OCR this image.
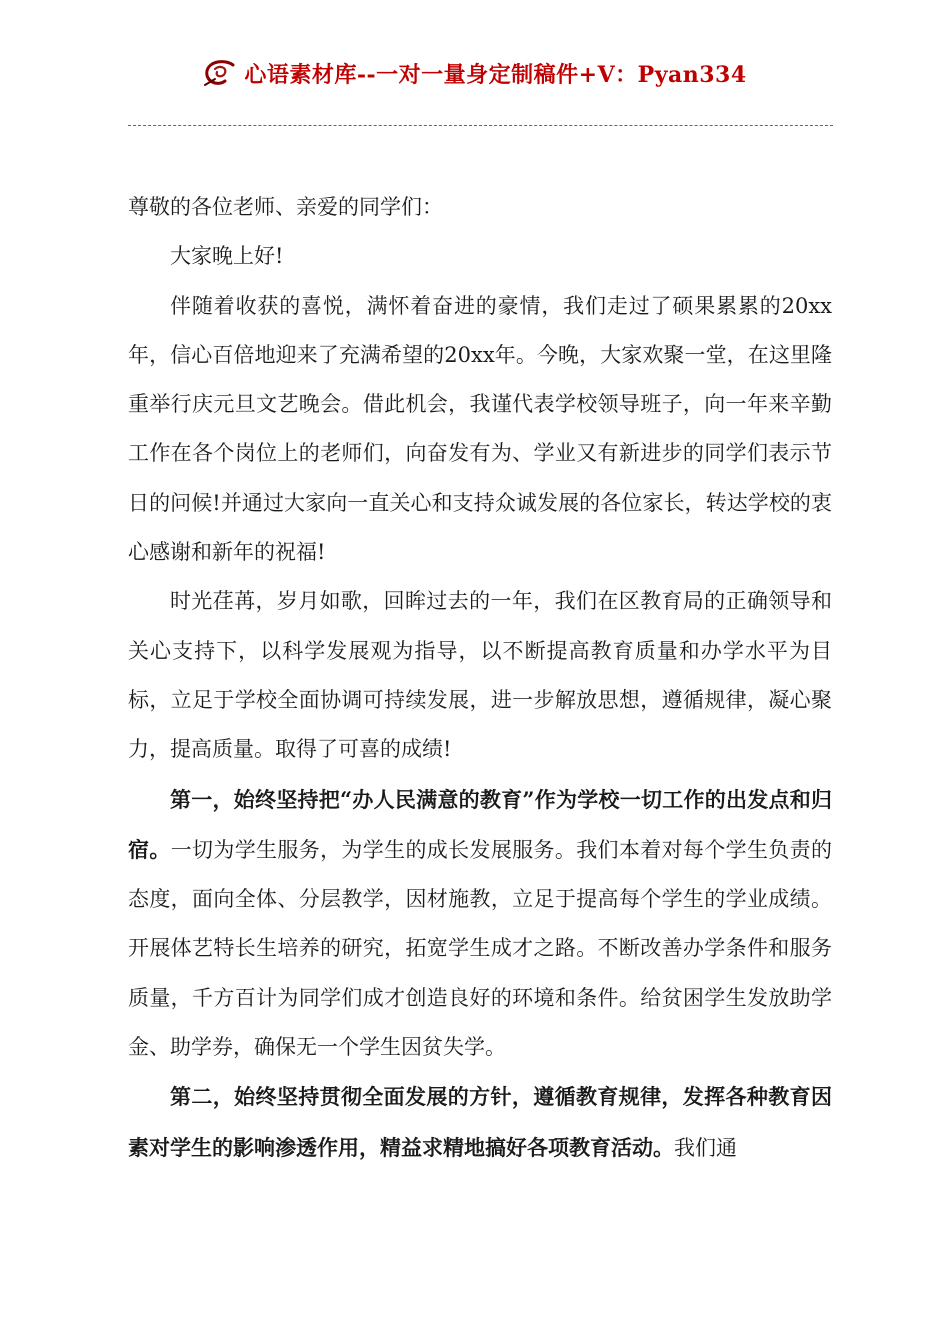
心语素材库--一对一量身定制稿件+V：Pyan334

尊敬的各位老师、亲爱的同学们：

大家晚上好!

伴随着收获的喜悦，满怀着奋进的豪情，我们走过了硕果累累的20xx年，信心百倍地迎来了充满希望的20xx年。今晚，大家欢聚一堂，在这里隆重举行庆元旦文艺晚会。借此机会，我谨代表学校领导班子，向一年来辛勤工作在各个岗位上的老师们，向奋发有为、学业又有新进步的同学们表示节日的问候!并通过大家向一直关心和支持众诚发展的各位家长，转达学校的衷心感谢和新年的祝福!

时光荏苒，岁月如歌，回眸过去的一年，我们在区教育局的正确领导和关心支持下，以科学发展观为指导，以不断提高教育质量和办学水平为目标，立足于学校全面协调可持续发展，进一步解放思想，遵循规律，凝心聚力，提高质量。取得了可喜的成绩!

第一，始终坚持把“办人民满意的教育”作为学校一切工作的出发点和归宿。一切为学生服务，为学生的成长发展服务。我们本着对每个学生负责的态度，面向全体、分层教学，因材施教，立足于提高每个学生的学业成绩。开展体艺特长生培养的研究，拓宽学生成才之路。不断改善办学条件和服务质量，千方百计为同学们成才创造良好的环境和条件。给贫困学生发放助学金、助学券，确保无一个学生因贫失学。

第二，始终坚持贯彻全面发展的方针，遵循教育规律，发挥各种教育因素对学生的影响渗透作用，精益求精地搞好各项教育活动。我们通
